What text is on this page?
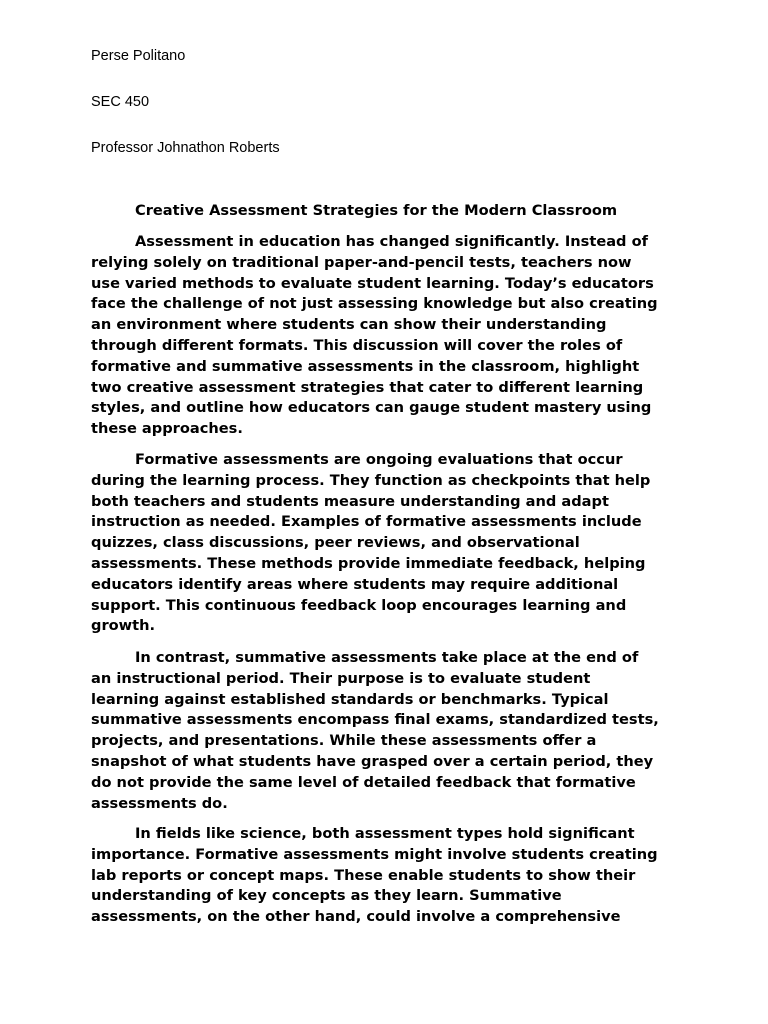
Perse Politano
SEC 450
Professor Johnathon Roberts
Creative Assessment Strategies for the Modern Classroom
Assessment in education has changed significantly. Instead of
relying solely on traditional paper-and-pencil tests, teachers now
use varied methods to evaluate student learning. Today’s educators
face the challenge of not just assessing knowledge but also creating
an environment where students can show their understanding
through different formats. This discussion will cover the roles of
formative and summative assessments in the classroom, highlight
two creative assessment strategies that cater to different learning
styles, and outline how educators can gauge student mastery using
these approaches.
Formative assessments are ongoing evaluations that occur
during the learning process. They function as checkpoints that help
both teachers and students measure understanding and adapt
instruction as needed. Examples of formative assessments include
quizzes, class discussions, peer reviews, and observational
assessments. These methods provide immediate feedback, helping
educators identify areas where students may require additional
support. This continuous feedback loop encourages learning and
growth.
In contrast, summative assessments take place at the end of
an instructional period. Their purpose is to evaluate student
learning against established standards or benchmarks. Typical
summative assessments encompass final exams, standardized tests,
projects, and presentations. While these assessments offer a
snapshot of what students have grasped over a certain period, they
do not provide the same level of detailed feedback that formative
assessments do.
In fields like science, both assessment types hold significant
importance. Formative assessments might involve students creating
lab reports or concept maps. These enable students to show their
understanding of key concepts as they learn. Summative
assessments, on the other hand, could involve a comprehensive
